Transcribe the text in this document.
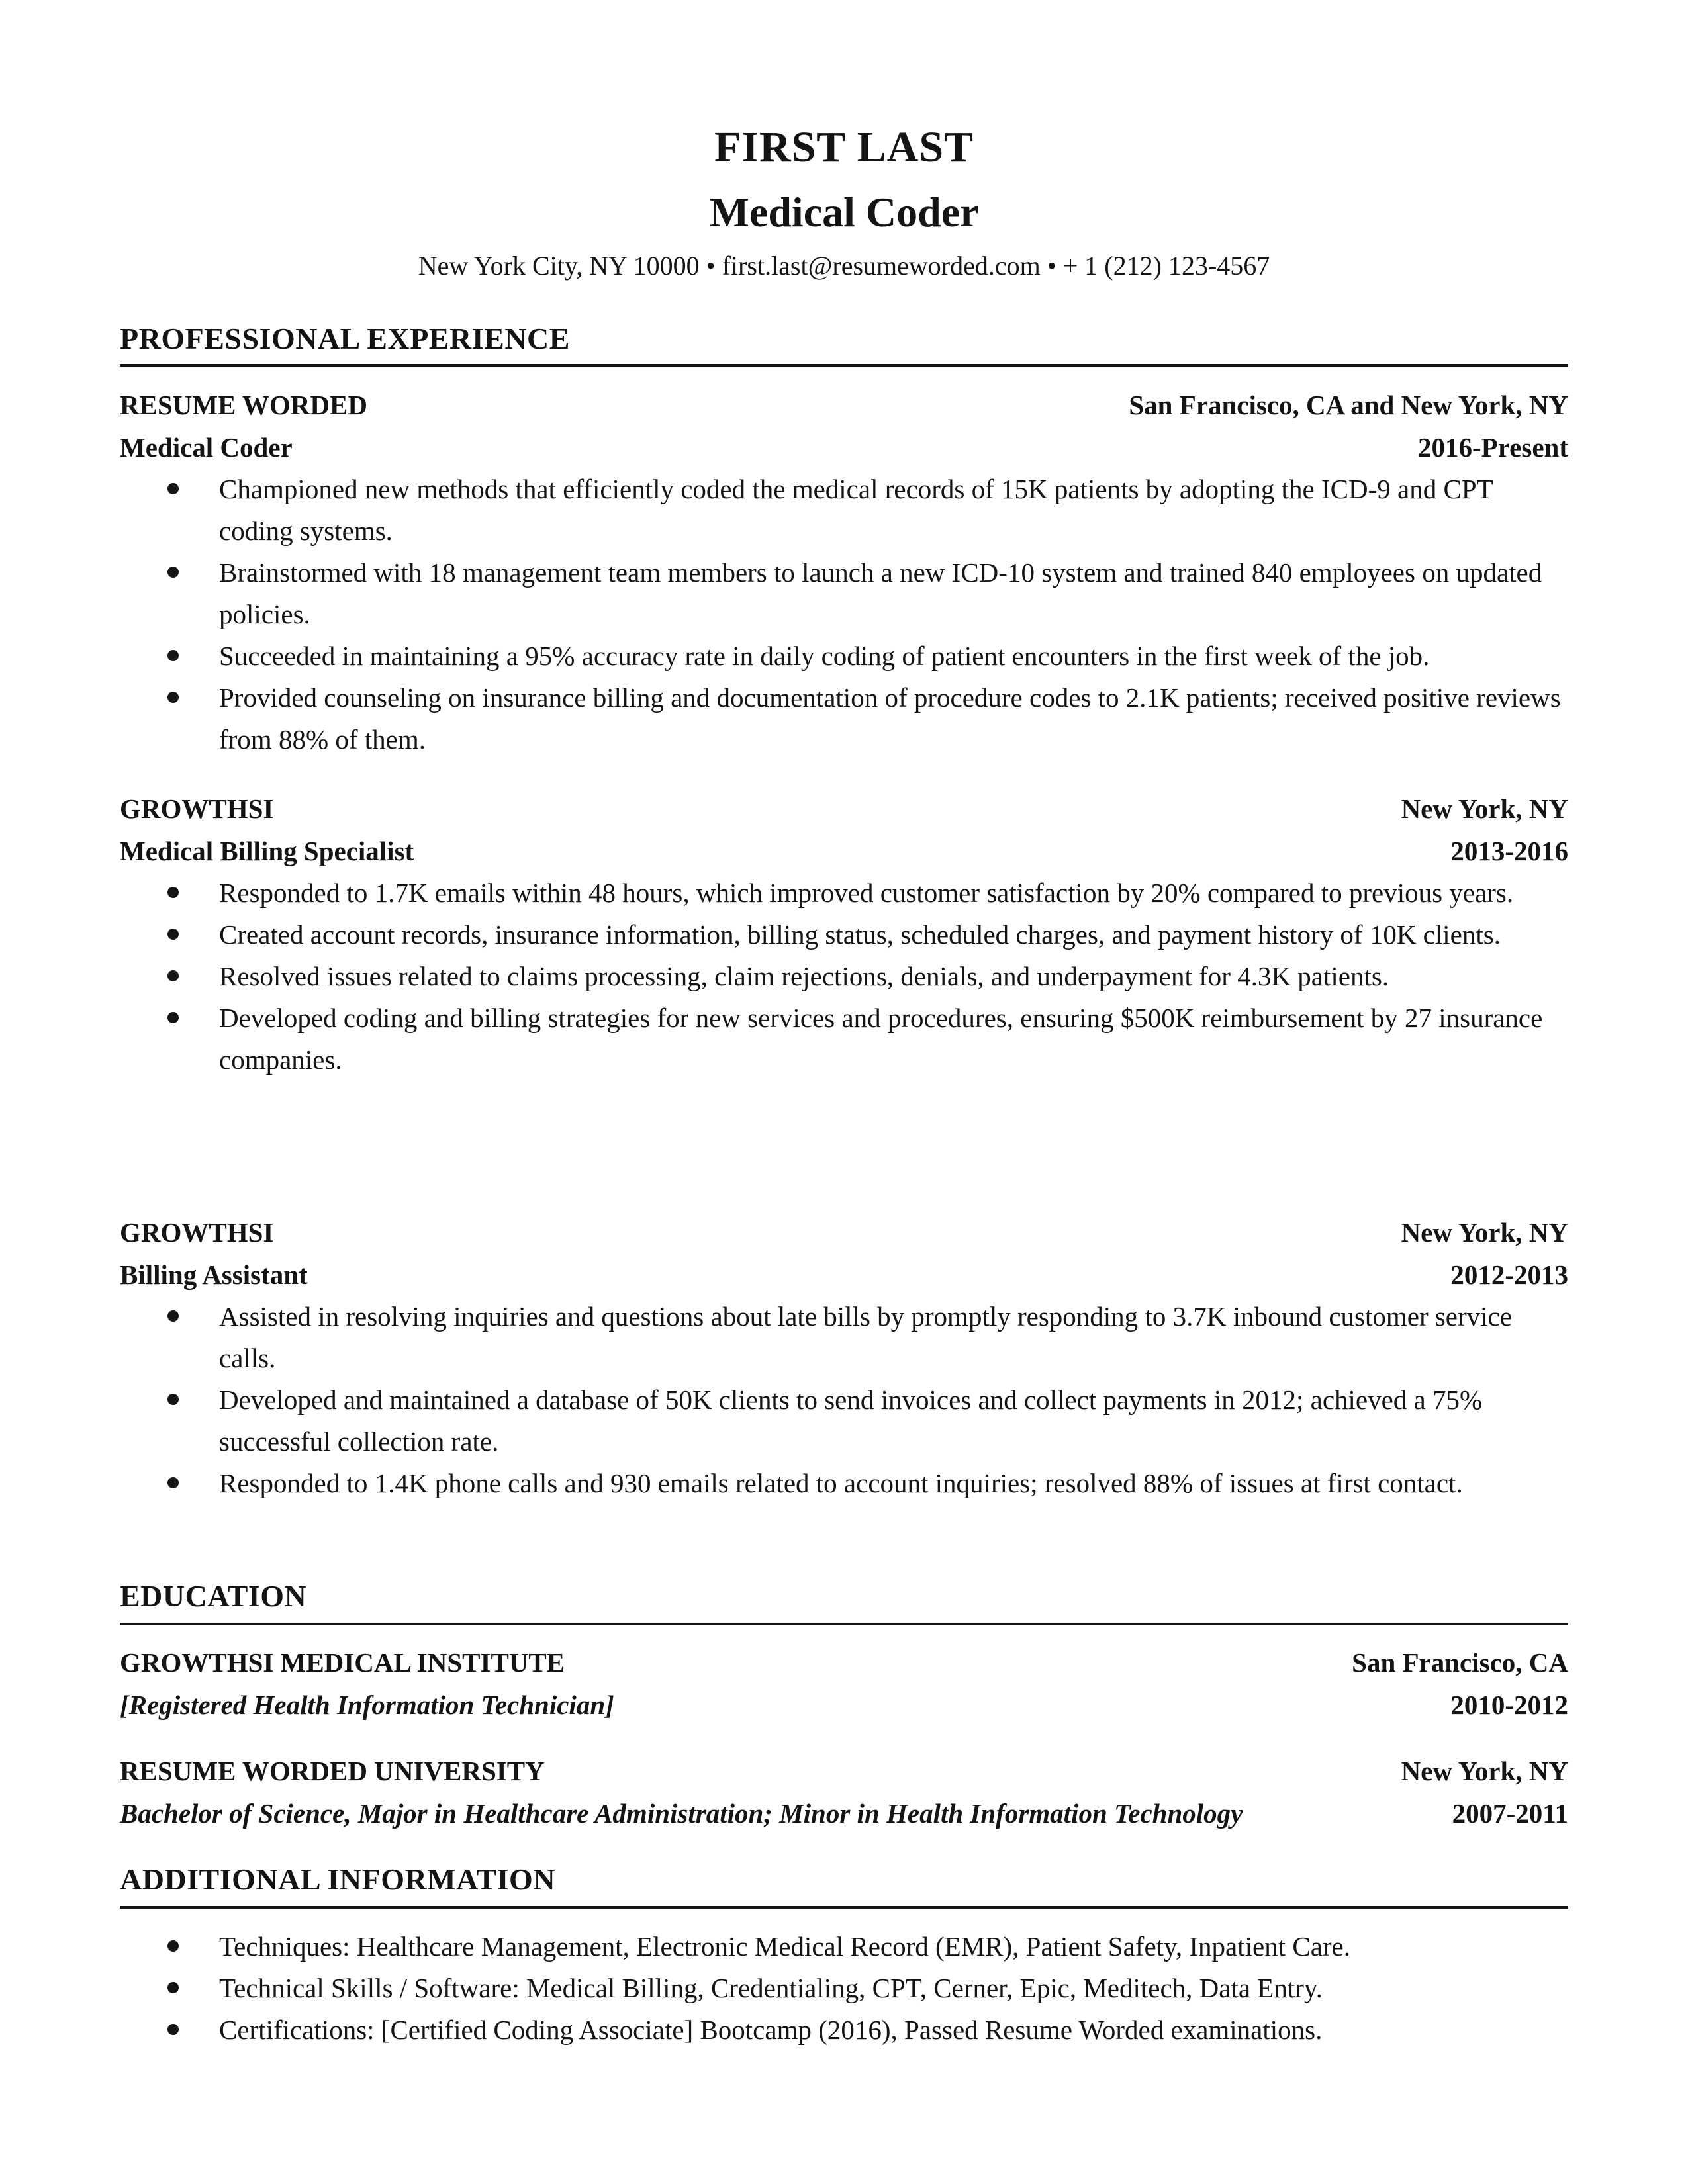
FIRST LAST
Medical Coder
New York City, NY 10000 • first.last@resumeworded.com • + 1 (212) 123-4567
PROFESSIONAL EXPERIENCE
RESUME WORDED	San Francisco, CA and New York, NY
Medical Coder	2016-Present
Championed new methods that efficiently coded the medical records of 15K patients by adopting the ICD-9 and CPT coding systems.
Brainstormed with 18 management team members to launch a new ICD-10 system and trained 840 employees on updated policies.
Succeeded in maintaining a 95% accuracy rate in daily coding of patient encounters in the first week of the job.
Provided counseling on insurance billing and documentation of procedure codes to 2.1K patients; received positive reviews from 88% of them.
GROWTHSI	New York, NY
Medical Billing Specialist	2013-2016
Responded to 1.7K emails within 48 hours, which improved customer satisfaction by 20% compared to previous years.
Created account records, insurance information, billing status, scheduled charges, and payment history of 10K clients.
Resolved issues related to claims processing, claim rejections, denials, and underpayment for 4.3K patients.
Developed coding and billing strategies for new services and procedures, ensuring $500K reimbursement by 27 insurance companies.
GROWTHSI	New York, NY
Billing Assistant	2012-2013
Assisted in resolving inquiries and questions about late bills by promptly responding to 3.7K inbound customer service calls.
Developed and maintained a database of 50K clients to send invoices and collect payments in 2012; achieved a 75% successful collection rate.
Responded to 1.4K phone calls and 930 emails related to account inquiries; resolved 88% of issues at first contact.
EDUCATION
GROWTHSI MEDICAL INSTITUTE	San Francisco, CA
[Registered Health Information Technician]	2010-2012
RESUME WORDED UNIVERSITY	New York, NY
Bachelor of Science, Major in Healthcare Administration; Minor in Health Information Technology	2007-2011
ADDITIONAL INFORMATION
Techniques: Healthcare Management, Electronic Medical Record (EMR), Patient Safety, Inpatient Care.
Technical Skills / Software: Medical Billing, Credentialing, CPT, Cerner, Epic, Meditech, Data Entry.
Certifications: [Certified Coding Associate] Bootcamp (2016), Passed Resume Worded examinations.
